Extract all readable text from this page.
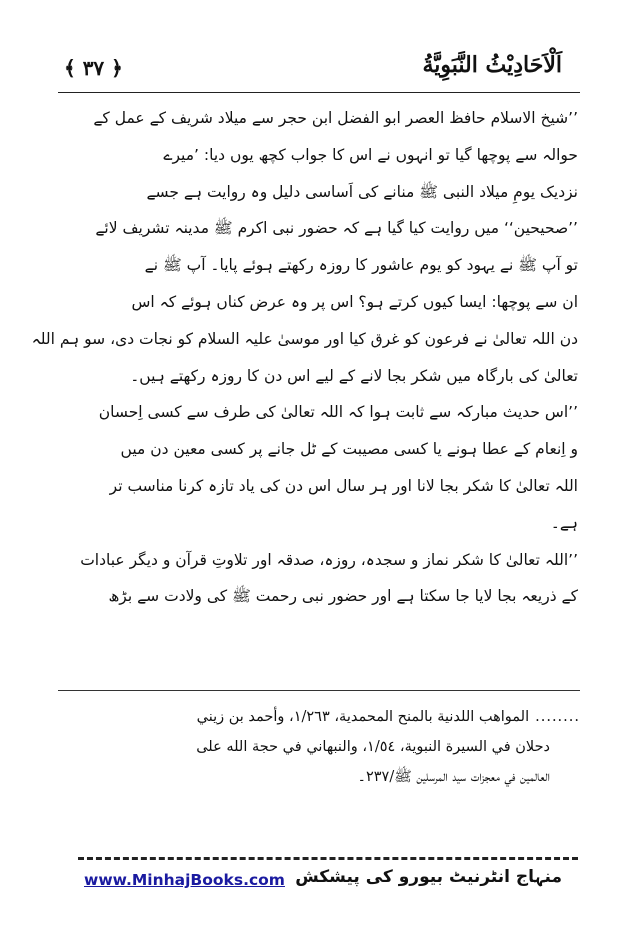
﴿ ٣٧ ﴾	اَلْاَحَادِيْثُ النَّبَوِيَّةُ
’’شیخ الاسلام حافظ العصر ابو الفضل ابن حجر سے میلاد شریف کے عمل کے
حوالہ سے پوچھا گیا تو انہوں نے اس کا جواب کچھ یوں دیا: ’میرے
نزدیک یومِ میلاد النبی ﷺ منانے کی اَساسی دلیل وہ روایت ہے جسے
’’صحیحین‘‘ میں روایت کیا گیا ہے کہ حضور نبی اکرم ﷺ مدینہ تشریف لائے
تو آپ ﷺ نے یہود کو یوم عاشور کا روزہ رکھتے ہوئے پایا۔ آپ ﷺ نے
ان سے پوچھا: ایسا کیوں کرتے ہو؟ اس پر وہ عرض کناں ہوئے کہ اس
دن اللہ تعالیٰ نے فرعون کو غرق کیا اور موسیٰ علیہ السلام کو نجات دی، سو ہم اللہ
تعالیٰ کی بارگاہ میں شکر بجا لانے کے لیے اس دن کا روزہ رکھتے ہیں۔
’’اس حدیث مبارکہ سے ثابت ہوا کہ اللہ تعالیٰ کی طرف سے کسی اِحسان
و اِنعام کے عطا ہونے یا کسی مصیبت کے ٹل جانے پر کسی معین دن میں
اللہ تعالیٰ کا شکر بجا لانا اور ہر سال اس دن کی یاد تازہ کرنا مناسب تر
ہے۔
’’اللہ تعالیٰ کا شکر نماز و سجدہ، روزہ، صدقہ اور تلاوتِ قرآن و دیگر عبادات
کے ذریعہ بجا لایا جا سکتا ہے اور حضور نبی رحمت ﷺ کی ولادت سے بڑھ
........المواهب اللدنية بالمنح المحمدية، ١/٢٦٣، وأحمد بن زيني
دحلان في السيرة النبوية، ١/٥٤، والنبهاني في حجة الله على
العالمين في معجزات سيد المرسلين ﷺ/٢٣٧۔
www.MinhajBooks.com منہاج انٹرنیٹ بیورو کی پیشکش
